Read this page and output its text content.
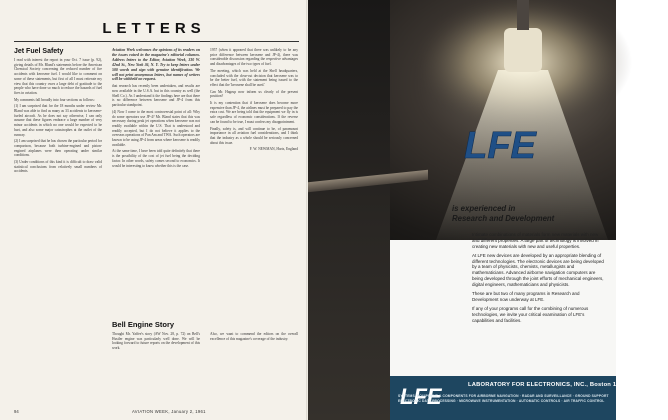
LETTERS
Jet Fuel Safety

I read with interest the report in your Oct. 7 issue (p. 92), giving details of Mr. Bland's statements before the American Chemical Society concerning the reduced number of fire accidents with kerosene fuel. I would like to comment on some of these statements, but first of all I must reiterate my view that this country owes a large debt of gratitude to the people who have done so much to reduce the hazards of fuel fires in aviation.

My comments fall broadly into four sections as follows:

(1) I am surprised that for the 18 months under review Mr. Bland was able to find as many as 33 accidents to kerosene-fueled aircraft. As he does not say otherwise, I can only assume that these figures embrace a large number of very minor accidents in which no one would be expected to be hurt, and also some major catastrophes at the outlet of the runway.

(2) I am surprised that he has chosen the particular period for comparison, because both turbine-engined and piston-engined airplanes were then operating under similar conditions.

(3) Under conditions of this kind it is difficult to draw valid statistical conclusions from relatively small numbers of accidents.

Aviation Week welcomes the opinions of its readers on the issues raised in the magazine's editorial columns. Address letters to the Editor, Aviation Week, 330 W. 42nd St., New York 36, N. Y. Try to keep letters under 500 words and sign with genuine identification. We will not print anonymous letters, but names of writers will be withheld on request.

that research has recently been undertaken, and results are now available in the U.S.A. but in this country as well (the Shell Co.). As I understand it the findings here are that there is no difference between kerosene and JP-4 from this particular standpoint.

(4) Now I come to the most controversial point of all: Why do some operators use JP-4? Mr. Bland states that this was necessary during peak jet operations when kerosene was not readily available within the U.S. That is understood and readily accepted, but I do not believe it applies to the overseas operations of Pan Am and TWA. Such operators are known to be using JP-4 from areas where kerosene is readily available.

At the same time, I have been told quite definitely that there is the possibility of the cost of jet fuel being the deciding factor. In other words, safety comes second to economics. It would be interesting to know whether this is the case.

1957 (when it appeared that there was unlikely to be any price difference between kerosene and JP-4), there was considerable discussion regarding the respective advantages and disadvantages of the two types of fuel.

The meeting, which was held at the Shell headquarters, concluded with the clear-cut decision that kerosene was to be the better fuel, with the statement being issued to the effect that the 'kerosene shall be used.'

Can Mr. Hagrup now inform us clearly of the present position?

It is my contention that if kerosene does become more expensive than JP-4, the airlines must be prepared to pay the extra cost. We are being told that the equipment we fly in is safe regardless of economic considerations. If the reverse can be found to be true, I must confess my disappointment.

Finally, safety is, and will continue to be, of paramount importance in all aviation fuel considerations, and I think that the industry as a whole should be seriously concerned about this issue.

F. W. NEWMAN, Harts, England

Bell Engine Story
Thought Mr. Yaffee's story (AW Nov. 28, p. 72) on Bell's Hustler engine was particularly well done. We will be looking forward to future reports on the development of this work.
Also, we want to commend the editors on the overall excellence of this magazine's coverage of the industry.
94	AVIATION WEEK, January 2, 1961
LFE
is experienced in
Research and Development

Intimate combinations of materials form new materials with new and different properties. A large part of technology is involved in creating new materials with new and useful properties.

At LFE new devices are developed by an appropriate blending of different technologies. The electronic devices are being developed by a team of physicists, chemists, metallurgists and mathematicians. Advanced airborne navigation computers are being developed through the joint efforts of mechanical engineers, digital engineers, mathematicians and physicists.

These are but two of many programs in Research and Development now underway at LFE.

If any of your programs call for the combining of numerous technologies, we invite your critical examination of LFE's capabilities and facilities.

LFE	LABORATORY FOR ELECTRONICS, INC., Boston 15, Massachusetts
SYSTEMS, EQUIPMENT & COMPONENTS FOR AIRBORNE NAVIGATION · RADAR AND SURVEILLANCE · GROUND SUPPORT
ELECTRONIC DATA PROCESSING · MICROWAVE INSTRUMENTATION · AUTOMATIC CONTROLS · AIR TRAFFIC CONTROL
